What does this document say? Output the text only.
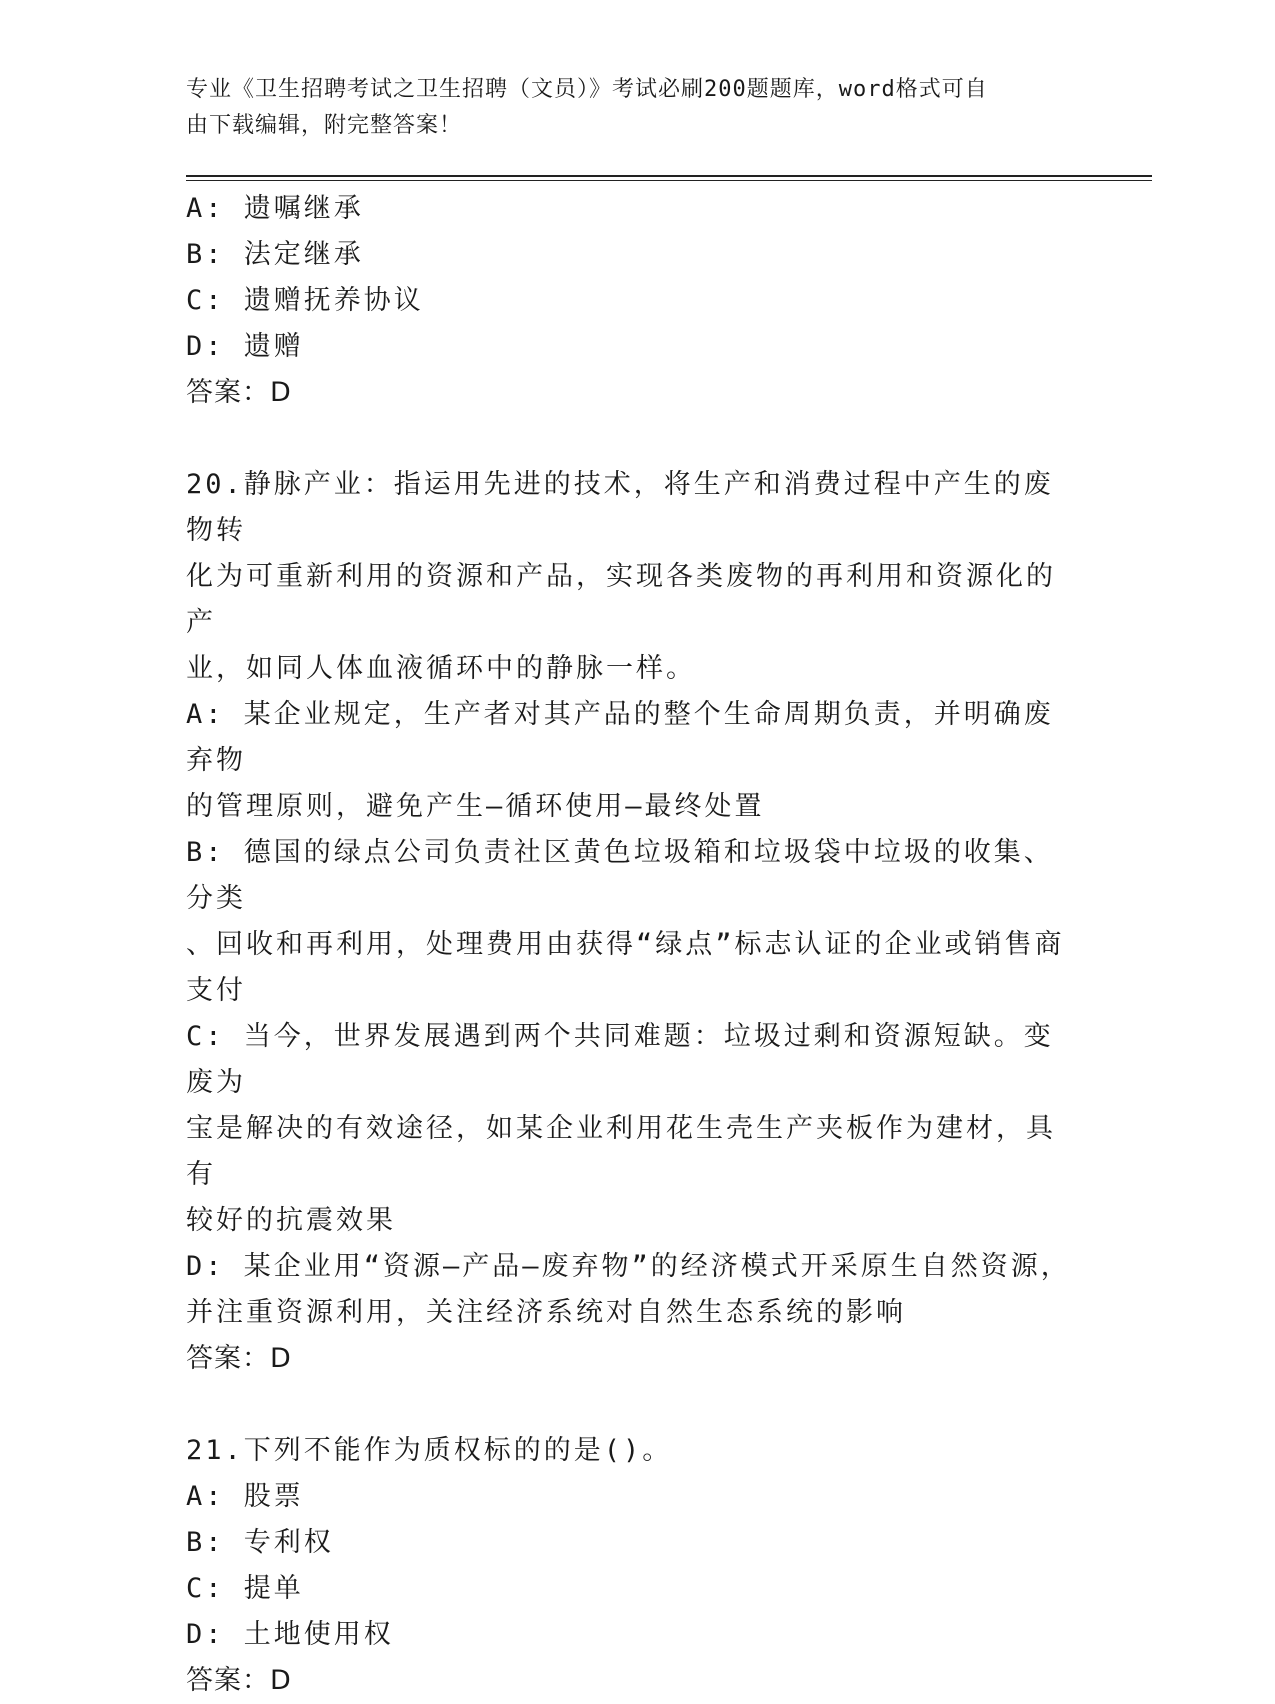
专业《卫生招聘考试之卫生招聘（文员）》考试必刷200题题库，word格式可自
由下载编辑，附完整答案！

A: 遗嘱继承

B: 法定继承

C: 遗赠抚养协议

D: 遗赠

答案：D

20.静脉产业：指运用先进的技术，将生产和消费过程中产生的废物转

化为可重新利用的资源和产品，实现各类废物的再利用和资源化的产

业，如同人体血液循环中的静脉一样。

A: 某企业规定，生产者对其产品的整个生命周期负责，并明确废弃物

的管理原则，避免产生—循环使用—最终处置

B: 德国的绿点公司负责社区黄色垃圾箱和垃圾袋中垃圾的收集、分类

、回收和再利用，处理费用由获得“绿点”标志认证的企业或销售商

支付

C: 当今，世界发展遇到两个共同难题：垃圾过剩和资源短缺。变废为

宝是解决的有效途径，如某企业利用花生壳生产夹板作为建材，具有

较好的抗震效果

D: 某企业用“资源—产品—废弃物”的经济模式开采原生自然资源，

并注重资源利用，关注经济系统对自然生态系统的影响

答案：D

21.下列不能作为质权标的的是()。

A: 股票

B: 专利权

C: 提单

D: 土地使用权

答案：D
